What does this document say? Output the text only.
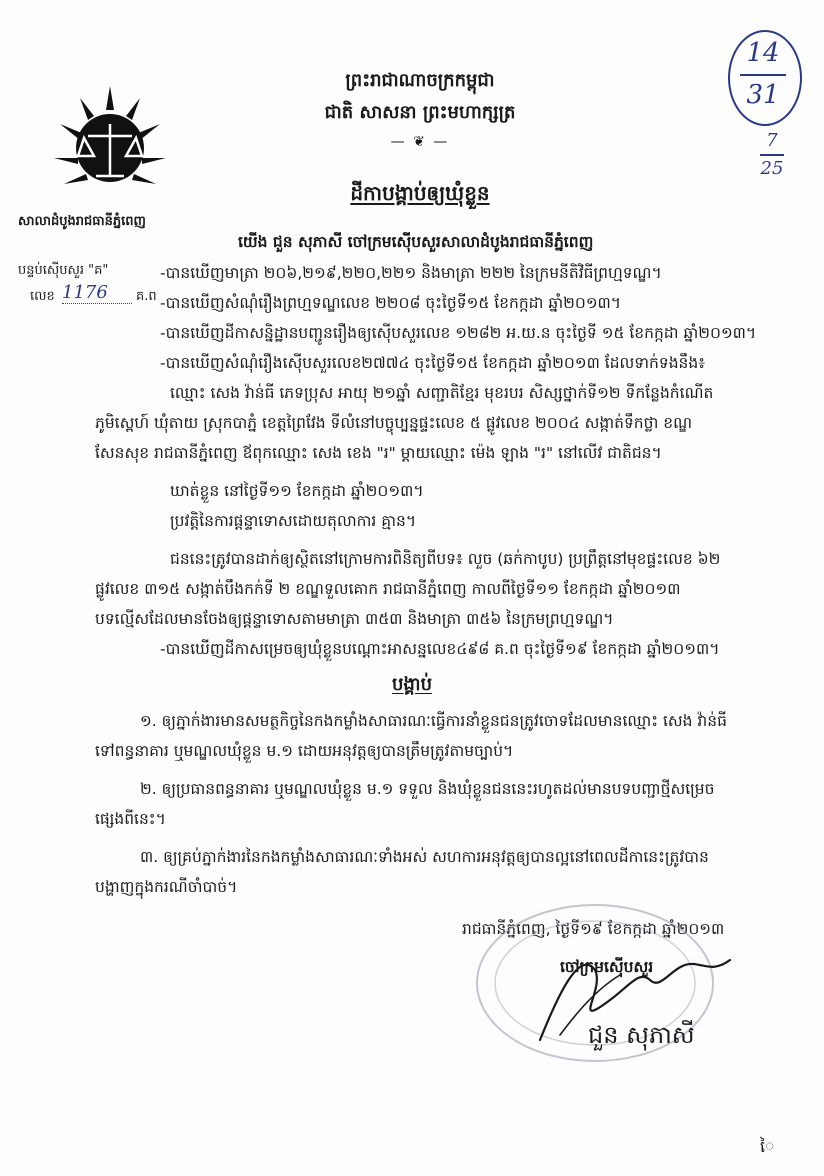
សាលាដំបូងរាជធានីភ្នំពេញ
14
31
7
25
ព្រះរាជាណាចក្រកម្ពុជា
ជាតិ សាសនា ព្រះមហាក្សត្រ
— ❦ —
ដីកាបង្គាប់ឲ្យឃុំខ្លួន
យើង ជួន សុភាសី ចៅក្រមស៊ើបសួរសាលាដំបូងរាជធានីភ្នំពេញ
បន្ទប់ស៊ើបសួរ "គ"
លេខ 1176	គ.ព
-បានឃើញមាត្រា ២០៦,២១៩,២២០,២២១ និងមាត្រា ២២២ នៃក្រមនីតិវិធីព្រហ្មទណ្ឌ។
-បានឃើញសំណុំរឿងព្រហ្មទណ្ឌលេខ ២២០៨ ចុះថ្ងៃទី១៥ ខែកក្កដា ឆ្នាំ២០១៣។
-បានឃើញដីកាសន្និដ្ឋានបញ្ជូនរឿងឲ្យស៊ើបសួរលេខ ១២៨២ អ.យ.ន ចុះថ្ងៃទី ១៥ ខែកក្កដា ឆ្នាំ២០១៣។
-បានឃើញសំណុំរឿងស៊ើបសួរលេខ២៧៧៤ ចុះថ្ងៃទី១៥ ខែកក្កដា ឆ្នាំ២០១៣ ដែលទាក់ទងនឹង៖
ឈ្មោះ សេង វ៉ាន់ធី ភេទប្រុស អាយុ ២១ឆ្នាំ សញ្ជាតិខ្មែរ មុខរបរ សិស្សថ្នាក់ទី១២ ទីកន្លែងកំណើត
ភូមិស្ពេហ៍ ឃុំតាយ ស្រុកបាភ្នំ ខេត្តព្រៃវែង ទីលំនៅបច្ចុប្បន្នផ្ទះលេខ ៥ ផ្លូវលេខ ២០០៤ សង្កាត់ទឹកថ្លា ខណ្ឌ
សែនសុខ រាជធានីភ្នំពេញ ឪពុកឈ្មោះ សេង ខេង "រ" ម្ដាយឈ្មោះ ម៉េង ឡាង "រ" នៅលើវ ជាតិជន។
ឃាត់ខ្លួន នៅថ្ងៃទី១១ ខែកក្កដា ឆ្នាំ២០១៣។
ប្រវត្តិនៃការផ្ដន្ទាទោសដោយតុលាការ គ្មាន។
ជននេះត្រូវបានដាក់ឲ្យស្ថិតនៅក្រោមការពិនិត្យពីបទ៖ លួច (ឆក់កាបូប) ប្រព្រឹត្តនៅមុខផ្ទះលេខ ៦២
ផ្លូវលេខ ៣១៥ សង្កាត់បឹងកក់ទី ២ ខណ្ឌទួលគោក រាជធានីភ្នំពេញ កាលពីថ្ងៃទី១១ ខែកក្កដា ឆ្នាំ២០១៣
បទល្មើសដែលមានចែងឲ្យផ្ដន្ទាទោសតាមមាត្រា ៣៥៣ និងមាត្រា ៣៥៦ នៃក្រមព្រហ្មទណ្ឌ។
-បានឃើញដីកាសម្រេចឲ្យឃុំខ្លួនបណ្ដោះអាសន្នលេខ៤៩៨ គ.ព ចុះថ្ងៃទី១៩ ខែកក្កដា ឆ្នាំ២០១៣។
បង្គាប់
១. ឲ្យភ្នាក់ងារមានសមត្ថកិច្ចនៃកងកម្លាំងសាធារណៈធ្វើការនាំខ្លួនជនត្រូវចោទដែលមានឈ្មោះ សេង វ៉ាន់ធី
ទៅពន្ធនាគារ ឬមណ្ឌលឃុំខ្លួន ម.១ ដោយអនុវត្តឲ្យបានត្រឹមត្រូវតាមច្បាប់។
២. ឲ្យប្រធានពន្ធនាគារ ឬមណ្ឌលឃុំខ្លួន ម.១ ទទួល និងឃុំខ្លួនជននេះរហូតដល់មានបទបញ្ជាថ្មីសម្រេច
ផ្សេងពីនេះ។
៣. ឲ្យគ្រប់ភ្នាក់ងារនៃកងកម្លាំងសាធារណៈទាំងអស់ សហការអនុវត្តឲ្យបានល្អនៅពេលដីកានេះត្រូវបាន
បង្ហាញក្នុងករណីចាំបាច់។
រាជធានីភ្នំពេញ, ថ្ងៃទី១៩ ខែកក្កដា ឆ្នាំ២០១៣
ចៅក្រមស៊ើបសួរ
ជួន សុភាសី
ៃ
